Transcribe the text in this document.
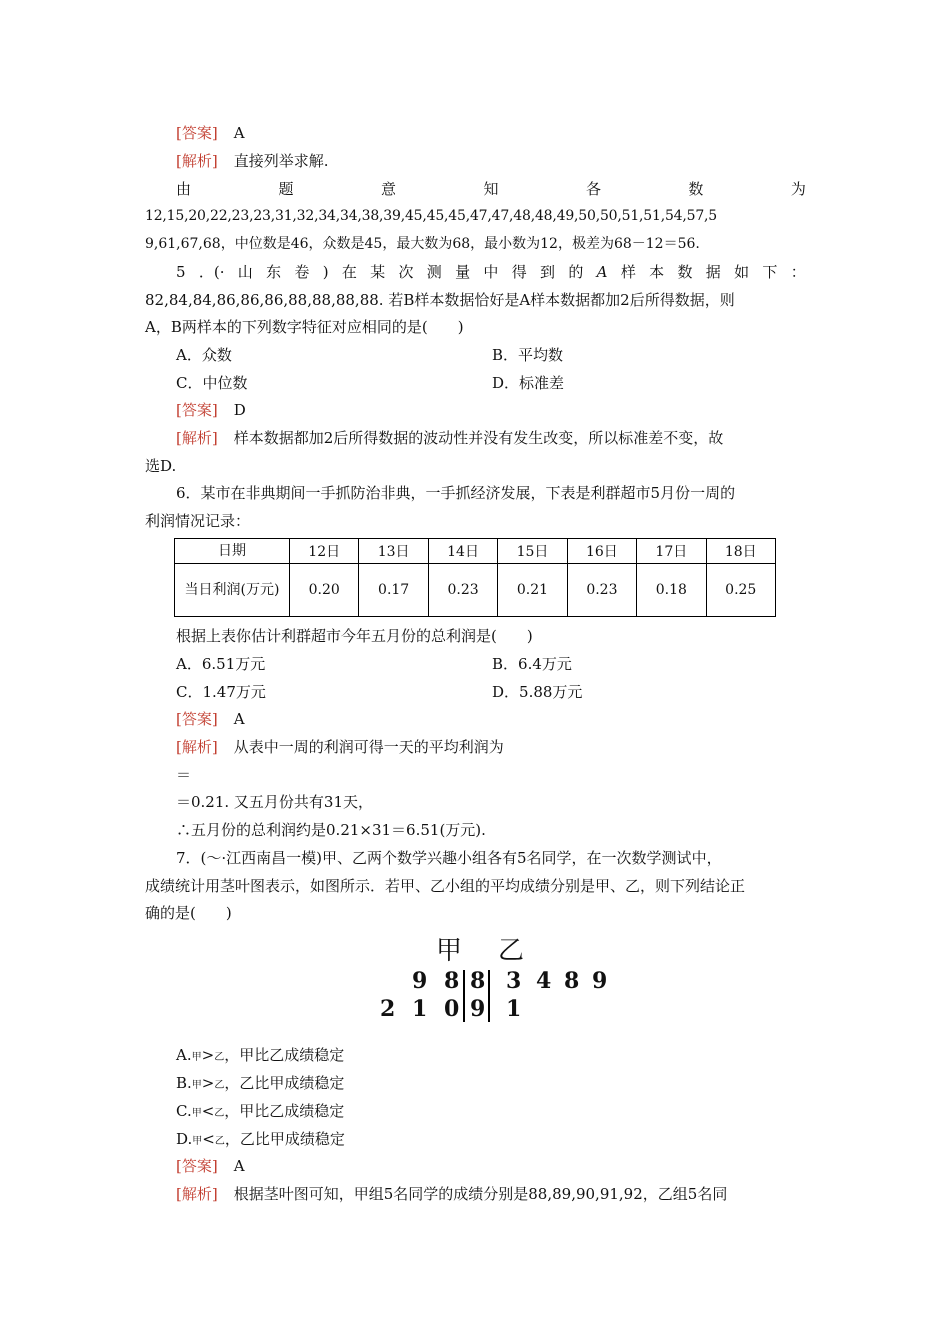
[答案] A
[解析] 直接列举求解.
由	题	意	知	各	数	为
12,15,20,22,23,23,31,32,34,34,38,39,45,45,45,47,47,48,48,49,50,50,51,51,54,57,5
9,61,67,68，中位数是46，众数是45，最大数为68，最小数为12，极差为68－12＝56.
5 ．(· 山 东 卷 ) 在 某 次 测 量 中 得 到 的 A 样 本 数 据 如 下 ：
82,84,84,86,86,86,88,88,88,88. 若B样本数据恰好是A样本数据都加2后所得数据，则
A，B两样本的下列数字特征对应相同的是(　　)
A．众数	B．平均数
C．中位数	D．标准差
[答案] D
[解析] 样本数据都加2后所得数据的波动性并没有发生改变，所以标准差不变，故
选D.
6．某市在非典期间一手抓防治非典，一手抓经济发展，下表是利群超市5月份一周的
利润情况记录：
日期	12日	13日	14日	15日	16日	17日	18日
当日利润(万元)	0.20	0.17	0.23	0.21	0.23	0.18	0.25
根据上表你估计利群超市今年五月份的总利润是(　　)
A．6.51万元	B．6.4万元
C．1.47万元	D．5.88万元
[答案] A
[解析] 从表中一周的利润可得一天的平均利润为
＝
＝0.21. 又五月份共有31天，
∴五月份的总利润约是0.21×31＝6.51(万元).
7．(～·江西南昌一模)甲、乙两个数学兴趣小组各有5名同学，在一次数学测试中，
成绩统计用茎叶图表示，如图所示．若甲、乙小组的平均成绩分别是甲、乙，则下列结论正
确的是(　　)
甲 乙
9 8 8 3 4 8 9
2 1 0 9 1
A.甲>乙，甲比乙成绩稳定
B.甲>乙，乙比甲成绩稳定
C.甲<乙，甲比乙成绩稳定
D.甲<乙，乙比甲成绩稳定
[答案] A
[解析] 根据茎叶图可知，甲组5名同学的成绩分别是88,89,90,91,92，乙组5名同
